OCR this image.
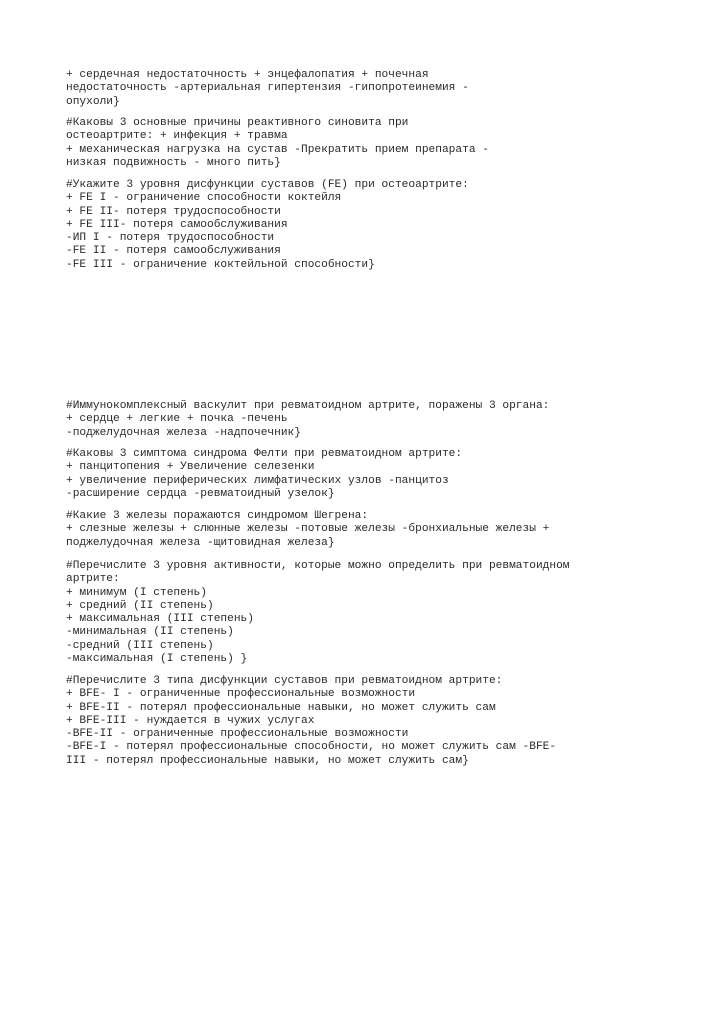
+ сердечная недостаточность + энцефалопатия + почечная
недостаточность -артериальная гипертензия -гипопротеинемия -
опухоли}
#Каковы 3 основные причины реактивного синовита при
остеоартрите: + инфекция + травма
+ механическая нагрузка на сустав -Прекратить прием препарата -
низкая подвижность - много пить}
#Укажите 3 уровня дисфункции суставов (FE) при остеоартрите:
+ FE I - ограничение способности коктейля
+ FE II- потеря трудоспособности
+ FE III- потеря самообслуживания
-ИП I - потеря трудоспособности
-FE II - потеря самообслуживания
-FE III - ограничение коктейльной способности}
#Иммунокомплексный васкулит при ревматоидном артрите, поражены 3 органа:
+ сердце + легкие + почка -печень
-поджелудочная железа -надпочечник}
#Каковы 3 симптома синдрома Фелти при ревматоидном артрите:
+ панцитопения + Увеличение селезенки
+ увеличение периферических лимфатических узлов -панцитоз
-расширение сердца -ревматоидный узелок}
#Какие 3 железы поражаются синдромом Шегрена:
+ слезные железы + слюнные железы -потовые железы -бронхиальные железы +
поджелудочная железа -щитовидная железа}
#Перечислите 3 уровня активности, которые можно определить при ревматоидном
артрите:
+ минимум (I степень)
+ средний (II степень)
+ максимальная (III степень)
-минимальная (II степень)
-средний (III степень)
-максимальная (I степень) }
#Перечислите 3 типа дисфункции суставов при ревматоидном артрите:
+ BFE- I - ограниченные профессиональные возможности
+ BFE-II - потерял профессиональные навыки, но может служить сам
+ BFE-III - нуждается в чужих услугах
-BFE-II - ограниченные профессиональные возможности
-BFE-I - потерял профессиональные способности, но может служить сам -BFE-
III - потерял профессиональные навыки, но может служить сам}
